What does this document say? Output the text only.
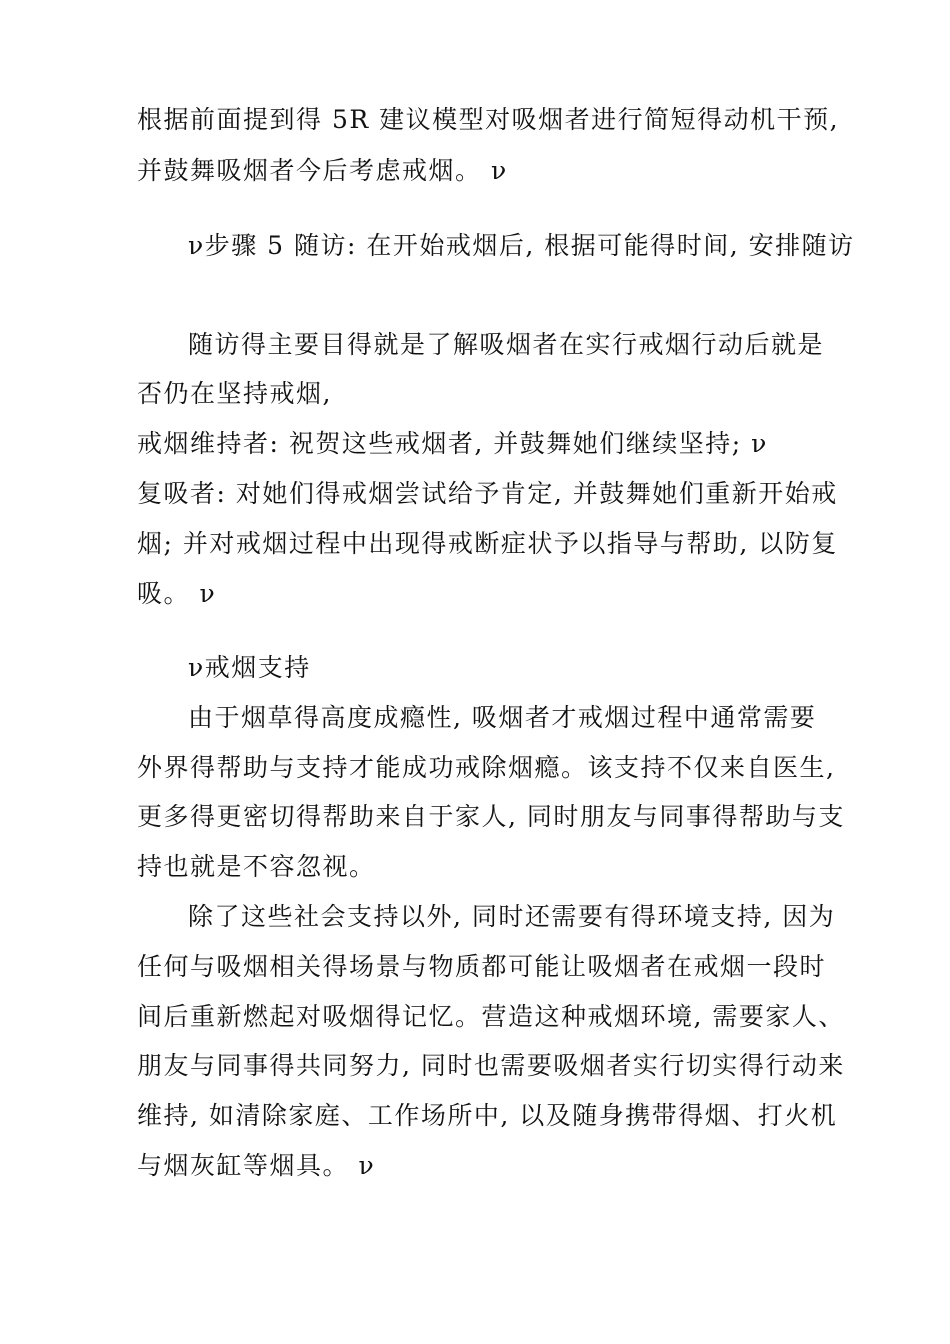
根据前面提到得 5R 建议模型对吸烟者进行简短得动机干预,
并鼓舞吸烟者今后考虑戒烟。 ν
ν步骤 5 随访: 在开始戒烟后, 根据可能得时间, 安排随访
随访得主要目得就是了解吸烟者在实行戒烟行动后就是
否仍在坚持戒烟,
戒烟维持者: 祝贺这些戒烟者, 并鼓舞她们继续坚持; ν
复吸者: 对她们得戒烟尝试给予肯定, 并鼓舞她们重新开始戒
烟; 并对戒烟过程中出现得戒断症状予以指导与帮助, 以防复
吸。 ν
ν戒烟支持
由于烟草得高度成瘾性, 吸烟者才戒烟过程中通常需要
外界得帮助与支持才能成功戒除烟瘾。该支持不仅来自医生,
更多得更密切得帮助来自于家人, 同时朋友与同事得帮助与支
持也就是不容忽视。
除了这些社会支持以外, 同时还需要有得环境支持, 因为
任何与吸烟相关得场景与物质都可能让吸烟者在戒烟一段时
间后重新燃起对吸烟得记忆。营造这种戒烟环境, 需要家人、
朋友与同事得共同努力, 同时也需要吸烟者实行切实得行动来
维持, 如清除家庭、工作场所中, 以及随身携带得烟、打火机
与烟灰缸等烟具。 ν
